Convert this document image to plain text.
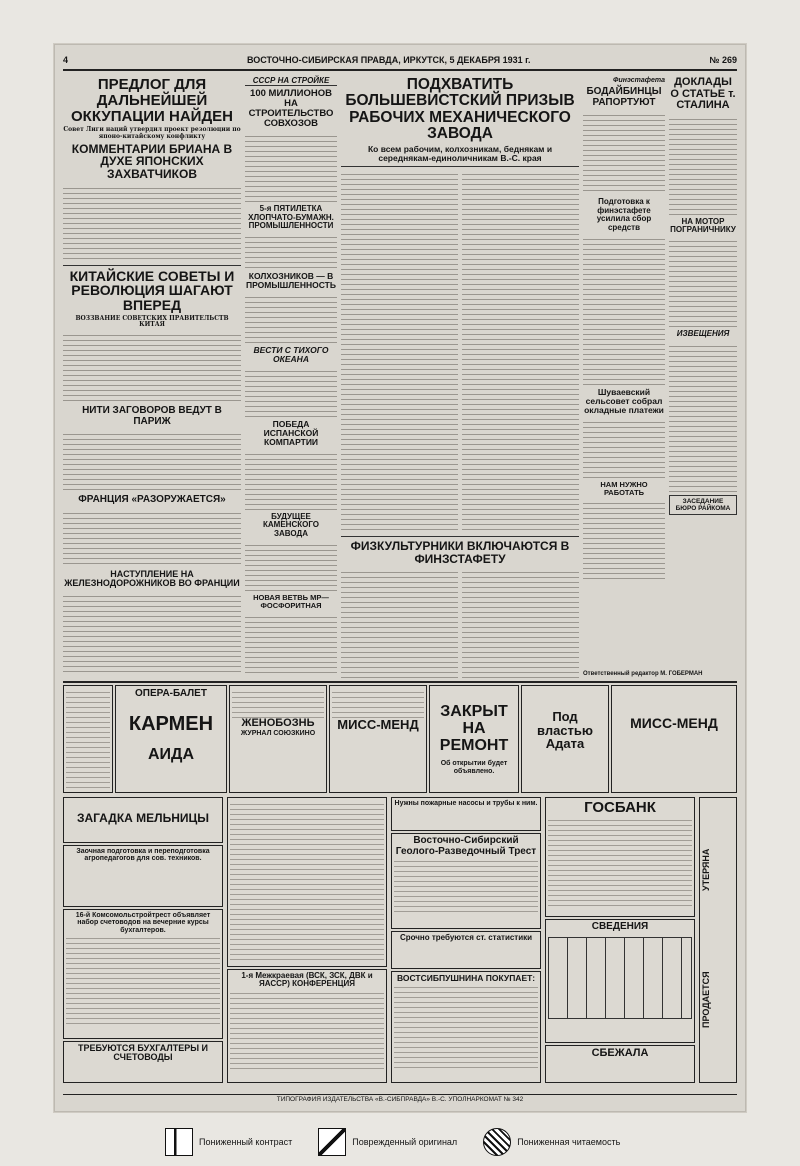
4	ВОСТОЧНО-СИБИРСКАЯ ПРАВДА, ИРКУТСК, 5 ДЕКАБРЯ 1931 г.	№ 269
ПРЕДЛОГ ДЛЯ ДАЛЬНЕЙШЕЙ ОККУПАЦИИ НАЙДЕН
Совет Лиги наций утвердил проект резолюции по японо-китайскому конфликту
КОММЕНТАРИИ БРИАНА В ДУХЕ ЯПОНСКИХ ЗАХВАТЧИКОВ
КИТАЙСКИЕ СОВЕТЫ И РЕВОЛЮЦИЯ ШАГАЮТ ВПЕРЕД
ВОЗЗВАНИЕ СОВЕТСКИХ ПРАВИТЕЛЬСТВ КИТАЯ
НИТИ ЗАГОВОРОВ ВЕДУТ В ПАРИЖ
ФРАНЦИЯ «РАЗОРУЖАЕТСЯ»
НАСТУПЛЕНИЕ НА ЖЕЛЕЗНОДОРОЖНИКОВ ВО ФРАНЦИИ
СССР НА СТРОЙКЕ
100 МИЛЛИОНОВ НА СТРОИТЕЛЬСТВО СОВХОЗОВ
5-я ПЯТИЛЕТКА ХЛОПЧАТО-БУМАЖН. ПРОМЫШЛЕННОСТИ
КОЛХОЗНИКОВ — В ПРОМЫШЛЕННОСТЬ
ВЕСТИ С ТИХОГО ОКЕАНА
ПОБЕДА ИСПАНСКОЙ КОМПАРТИИ
БУДУЩЕЕ КАМЕНСКОГО ЗАВОДА
НОВАЯ ВЕТВЬ МР—ФОСФОРИТНАЯ
ПОДХВАТИТЬ БОЛЬШЕВИСТСКИЙ ПРИЗЫВ РАБОЧИХ МЕХАНИЧЕСКОГО ЗАВОДА
Ко всем рабочим, колхозникам, беднякам и середнякам-единоличникам В.-С. края
ФИЗКУЛЬТУРНИКИ ВКЛЮЧАЮТСЯ В ФИНЗСТАФЕТУ
Финэстафета
БОДАЙБИНЦЫ РАПОРТУЮТ
Подготовка к финэстафете усилила сбор средств
Шуваевский сельсовет собрал окладные платежи
НАМ НУЖНО РАБОТАТЬ
ДОКЛАДЫ О СТАТЬЕ т. СТАЛИНА
НА МОТОР ПОГРАНИЧНИКУ
ИЗВЕЩЕНИЯ
ЗАСЕДАНИЕ БЮРО РАЙКОМА
Ответственный редактор М. ГОБЕРМАН
ОПЕРА-БАЛЕТ
КАРМЕН
АИДА
ЖЕНОБОЗНЬ
ЖУРНАЛ СОЮЗКИНО
МИСС-МЕНД
ЗАКРЫТ НА РЕМОНТ
Об открытии будет объявлено.
Под властью Адата
МИСС-МЕНД
ЗАГАДКА МЕЛЬНИЦЫ
Заочная подготовка и переподготовка агропедагогов для сов. техников.
16-й Комсомольстройтрест объявляет набор счетоводов на вечерние курсы бухгалтеров.
ТРЕБУЮТСЯ БУХГАЛТЕРЫ И СЧЕТОВОДЫ
1-я Межкраевая (ВСК, ЗСК, ДВК и ЯАССР) КОНФЕРЕНЦИЯ
Нужны пожарные насосы и трубы к ним.
Восточно-Сибирский Геолого-Разведочный Трест
Срочно требуются ст. статистики
ВОСТСИБПУШНИНА ПОКУПАЕТ:
ГОСБАНК
СВЕДЕНИЯ
СБЕЖАЛА
УТЕРЯНА
ПРОДАЕТСЯ
ТИПОГРАФИЯ ИЗДАТЕЛЬСТВА «В.-СИБПРАВДА» В.-С. УПОЛНАРКОМАТ № 342
Пониженный контраст	Поврежденный оригинал	Пониженная читаемость
